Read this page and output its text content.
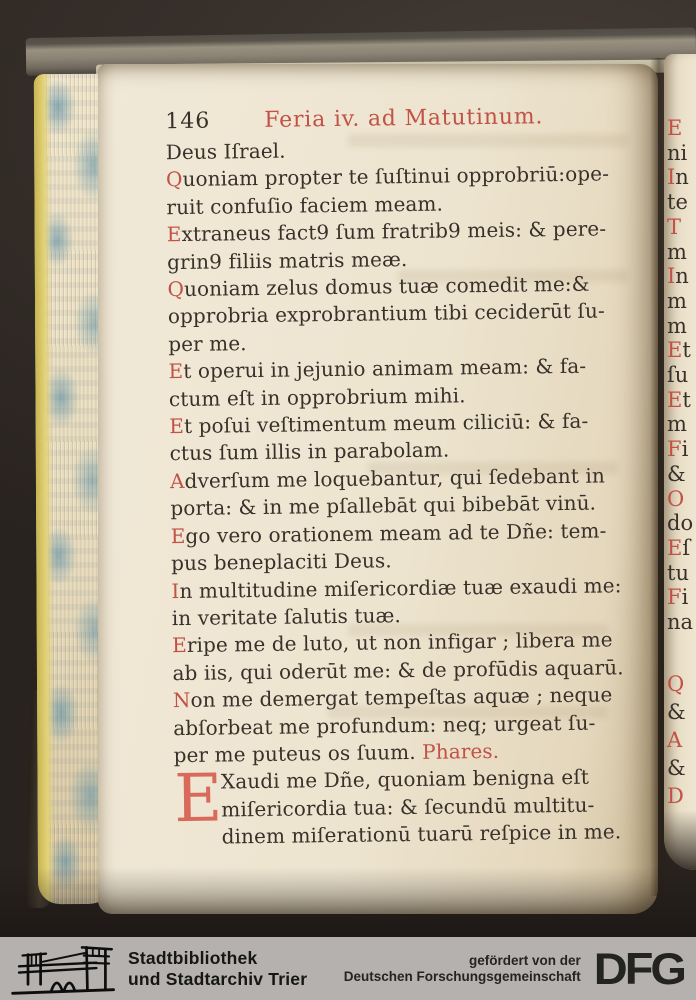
146 Feria iv. ad Matutinum.

Deus Iſrael.

Quoniam propter te ſuſtinui opprobriū:ope-
ruit confuſio faciem meam.

Extraneus fact9 ſum fratrib9 meis: & pere-
grin9 filiis matris meæ.

Quoniam zelus domus tuæ comedit me:&
opprobria exprobrantium tibi ceciderūt ſu-
per me.

Et operui in jejunio animam meam: & fa-
ctum eſt in opprobrium mihi.

Et poſui veſtimentum meum ciliciū: & fa-
ctus ſum illis in parabolam.

Adverſum me loquebantur, qui ſedebant in
porta: & in me pſallebāt qui bibebāt vinū.

Ego vero orationem meam ad te Dñe: tem-
pus beneplaciti Deus.

In multitudine miſericordiæ tuæ exaudi me:
in veritate ſalutis tuæ.

Eripe me de luto, ut non infigar ; libera me
ab iis, qui oderūt me: & de profūdis aquarū.

Non me demergat tempeſtas aquæ ; neque
abſorbeat me profundum: neq; urgeat ſu-
per me puteus os ſuum. Phares.

E
Xaudi me Dñe, quoniam benigna eſt
miſericordia tua: & ſecundū multitu-
dinem miſerationū tuarū reſpice in me.

E
ni
In
te
T
m
In
m
m
Et
ſu
Et
m
Fi
&
O
do
Eſ
tu
Fi
na
Q
&
A
&
D
Stadtbibliothek
und Stadtarchiv Trier
gefördert von der
Deutschen Forschungsgemeinschaft DFG
